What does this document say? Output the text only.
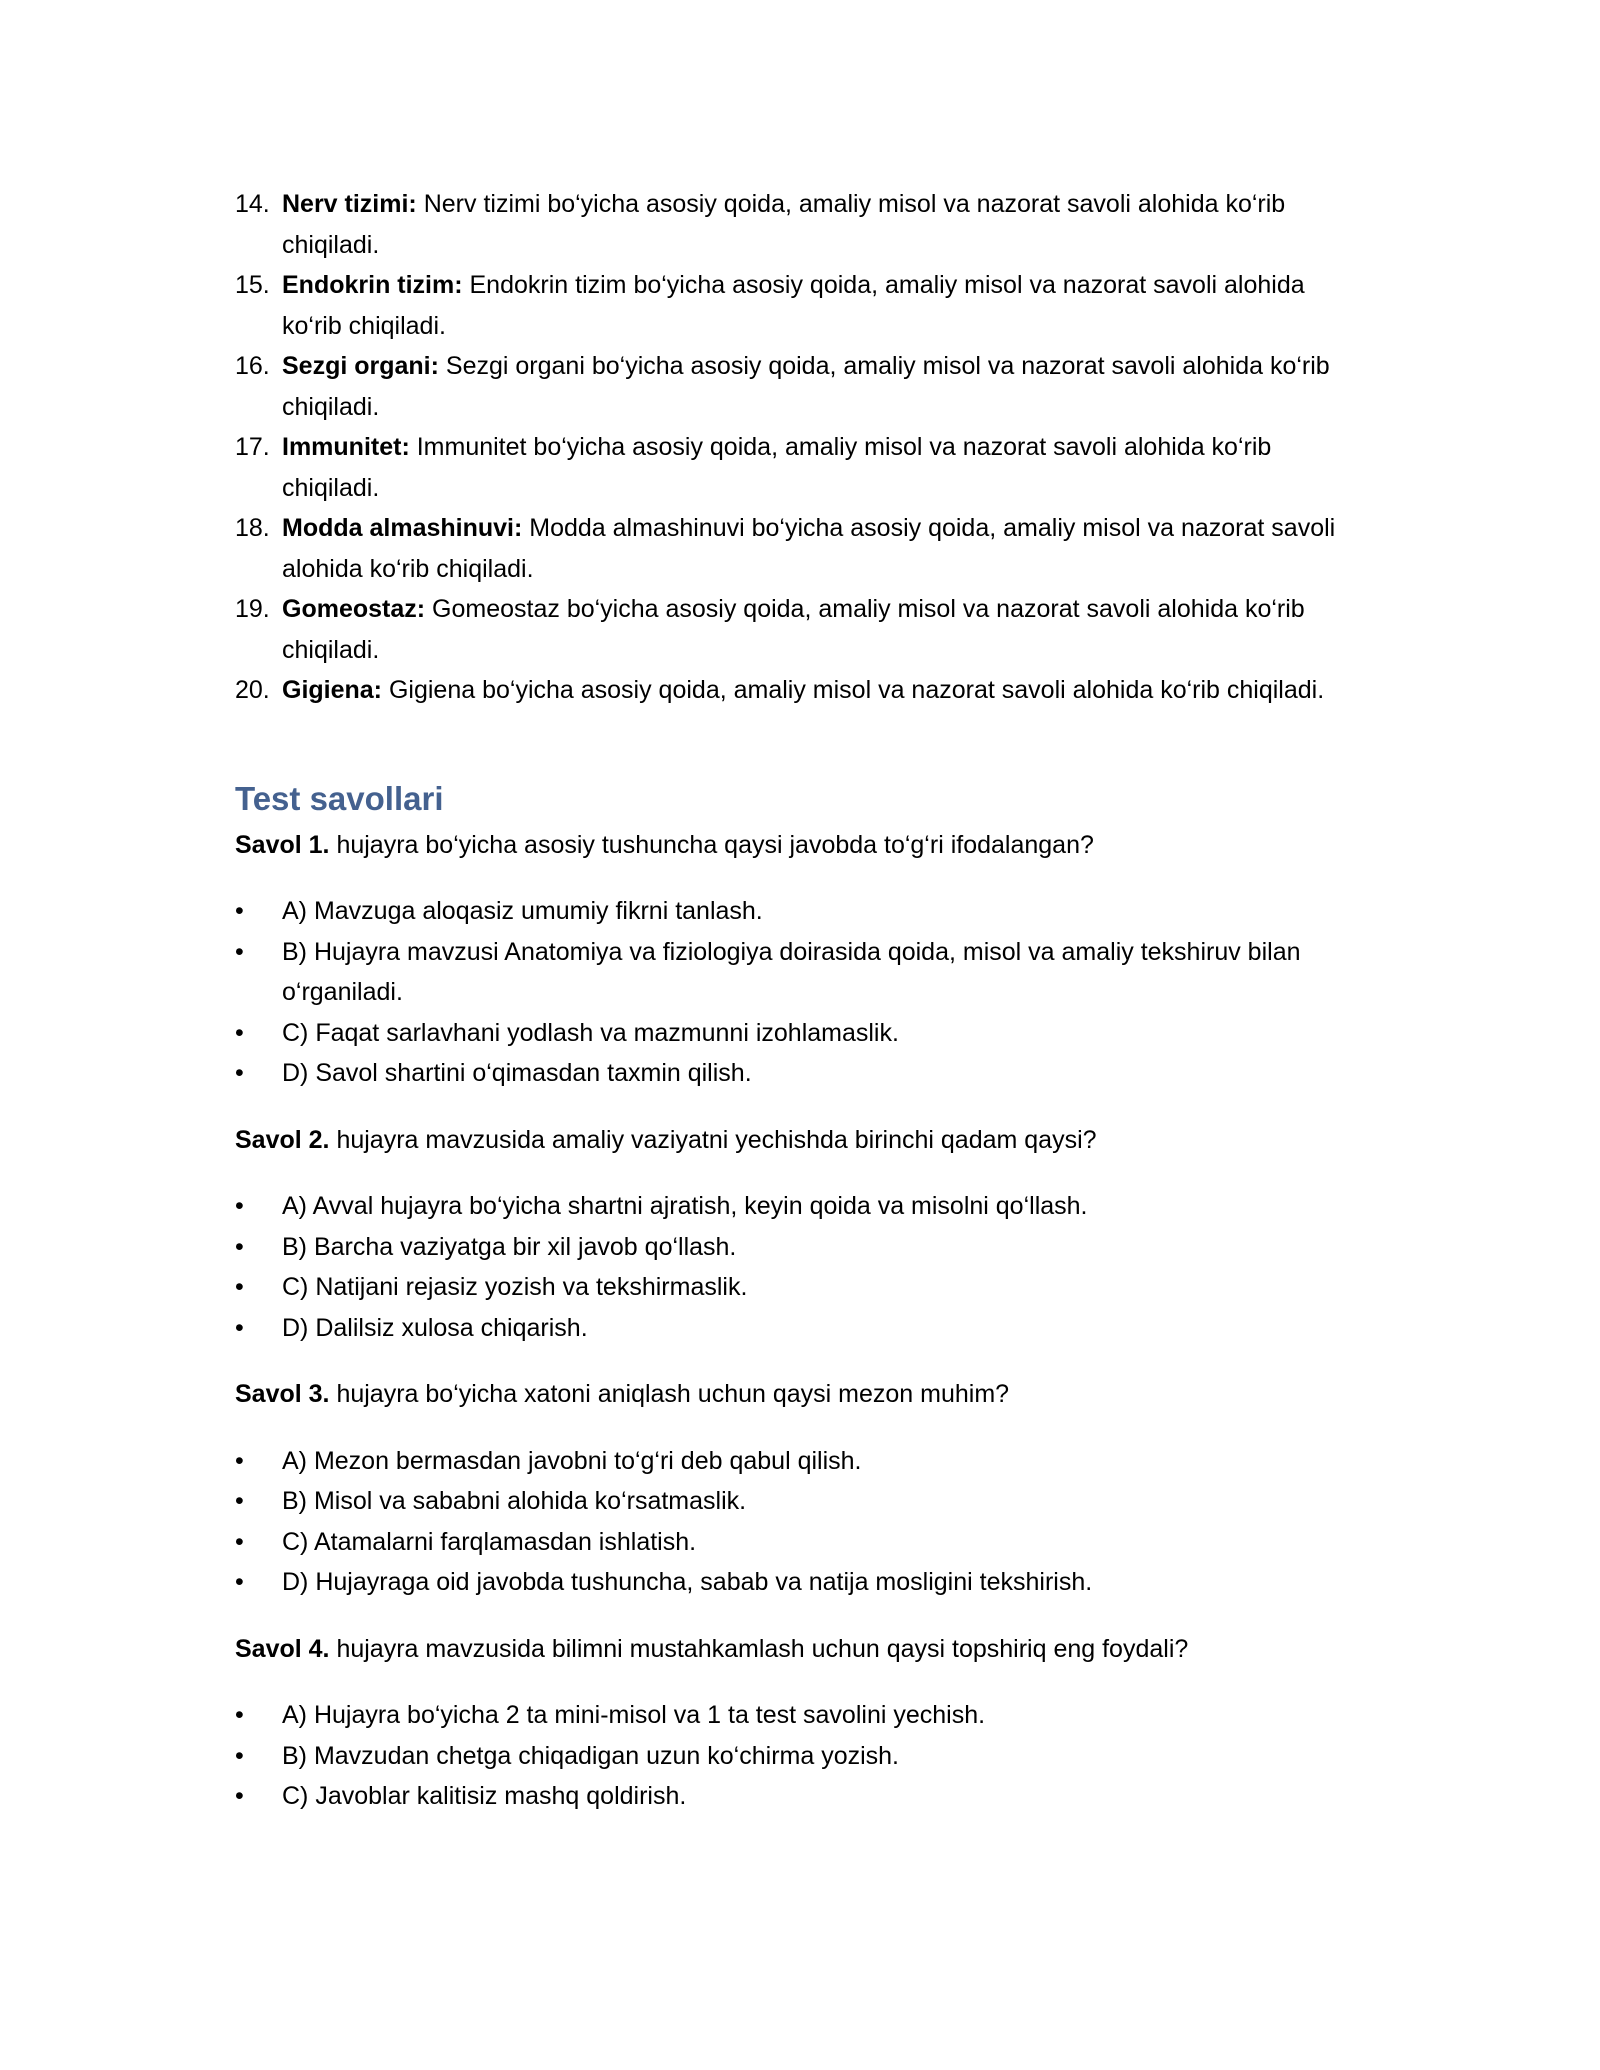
14. Nerv tizimi: Nerv tizimi bo‘yicha asosiy qoida, amaliy misol va nazorat savoli alohida ko‘rib chiqiladi.
15. Endokrin tizim: Endokrin tizim bo‘yicha asosiy qoida, amaliy misol va nazorat savoli alohida ko‘rib chiqiladi.
16. Sezgi organi: Sezgi organi bo‘yicha asosiy qoida, amaliy misol va nazorat savoli alohida ko‘rib chiqiladi.
17. Immunitet: Immunitet bo‘yicha asosiy qoida, amaliy misol va nazorat savoli alohida ko‘rib chiqiladi.
18. Modda almashinuvi: Modda almashinuvi bo‘yicha asosiy qoida, amaliy misol va nazorat savoli alohida ko‘rib chiqiladi.
19. Gomeostaz: Gomeostaz bo‘yicha asosiy qoida, amaliy misol va nazorat savoli alohida ko‘rib chiqiladi.
20. Gigiena: Gigiena bo‘yicha asosiy qoida, amaliy misol va nazorat savoli alohida ko‘rib chiqiladi.
Test savollari

Savol 1. hujayra bo‘yicha asosiy tushuncha qaysi javobda to‘g‘ri ifodalangan?

•	A) Mavzuga aloqasiz umumiy fikrni tanlash.
•	B) Hujayra mavzusi Anatomiya va fiziologiya doirasida qoida, misol va amaliy tekshiruv bilan o‘rganiladi.
•	C) Faqat sarlavhani yodlash va mazmunni izohlamaslik.
•	D) Savol shartini o‘qimasdan taxmin qilish.

Savol 2. hujayra mavzusida amaliy vaziyatni yechishda birinchi qadam qaysi?

•	A) Avval hujayra bo‘yicha shartni ajratish, keyin qoida va misolni qo‘llash.
•	B) Barcha vaziyatga bir xil javob qo‘llash.
•	C) Natijani rejasiz yozish va tekshirmaslik.
•	D) Dalilsiz xulosa chiqarish.

Savol 3. hujayra bo‘yicha xatoni aniqlash uchun qaysi mezon muhim?

•	A) Mezon bermasdan javobni to‘g‘ri deb qabul qilish.
•	B) Misol va sababni alohida ko‘rsatmaslik.
•	C) Atamalarni farqlamasdan ishlatish.
•	D) Hujayraga oid javobda tushuncha, sabab va natija mosligini tekshirish.

Savol 4. hujayra mavzusida bilimni mustahkamlash uchun qaysi topshiriq eng foydali?

•	A) Hujayra bo‘yicha 2 ta mini-misol va 1 ta test savolini yechish.
•	B) Mavzudan chetga chiqadigan uzun ko‘chirma yozish.
•	C) Javoblar kalitisiz mashq qoldirish.
